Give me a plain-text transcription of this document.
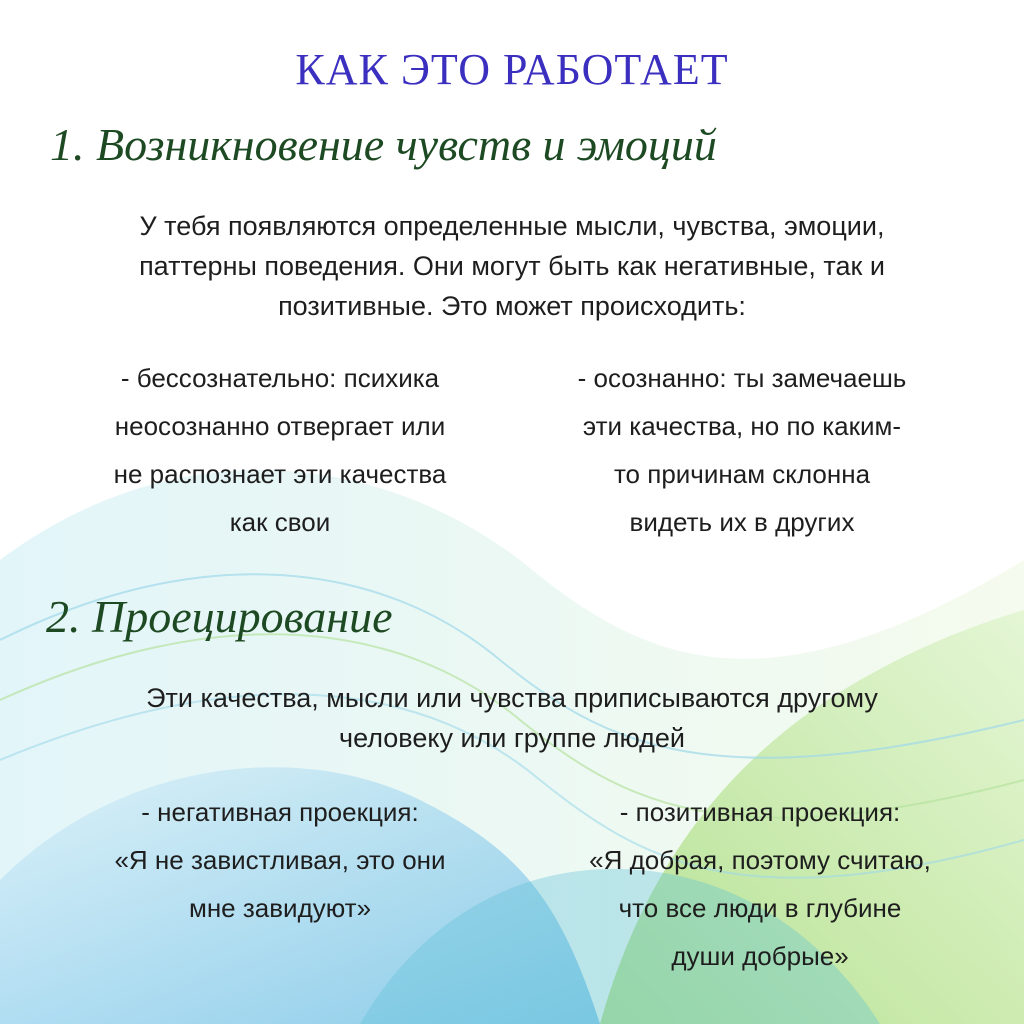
КАК ЭТО РАБОТАЕТ
1. Возникновение чувств и эмоций
У тебя появляются определенные мысли, чувства, эмоции,
паттерны поведения. Они могут быть как негативные, так и
позитивные. Это может происходить:
- бессознательно: психика
неосознанно отвергает или
не распознает эти качества
как свои
- осознанно: ты замечаешь
эти качества, но по каким-
то причинам склонна
видеть их в других
2. Проецирование
Эти качества, мысли или чувства приписываются другому
человеку или группе людей
- негативная проекция:
«Я не завистливая, это они
мне завидуют»
- позитивная проекция:
«Я добрая, поэтому считаю,
что все люди в глубине
души добрые»
